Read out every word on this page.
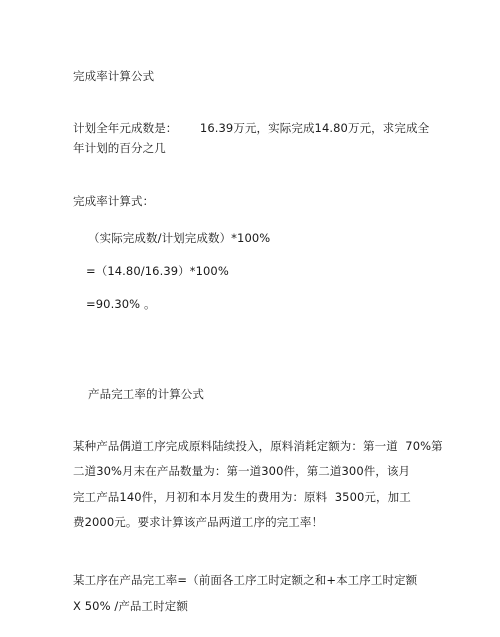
完成率计算公式
计划全年元成数是：      16.39万元，实际完成14.80万元，求完成全
年计划的百分之几
完成率计算式：
（实际完成数/计划完成数）*100%
=（14.80/16.39）*100%
=90.30% 。
产品完工率的计算公式
某种产品偶道工序完成原料陆续投入，原料消耗定额为：第一道  70%第
二道30%月末在产品数量为：第一道300件，第二道300件，该月
完工产品140件，月初和本月发生的费用为：原料  3500元，加工
费2000元。要求计算该产品两道工序的完工率！
某工序在产品完工率=（前面各工序工时定额之和+本工序工时定额
X 50% /产品工时定额
